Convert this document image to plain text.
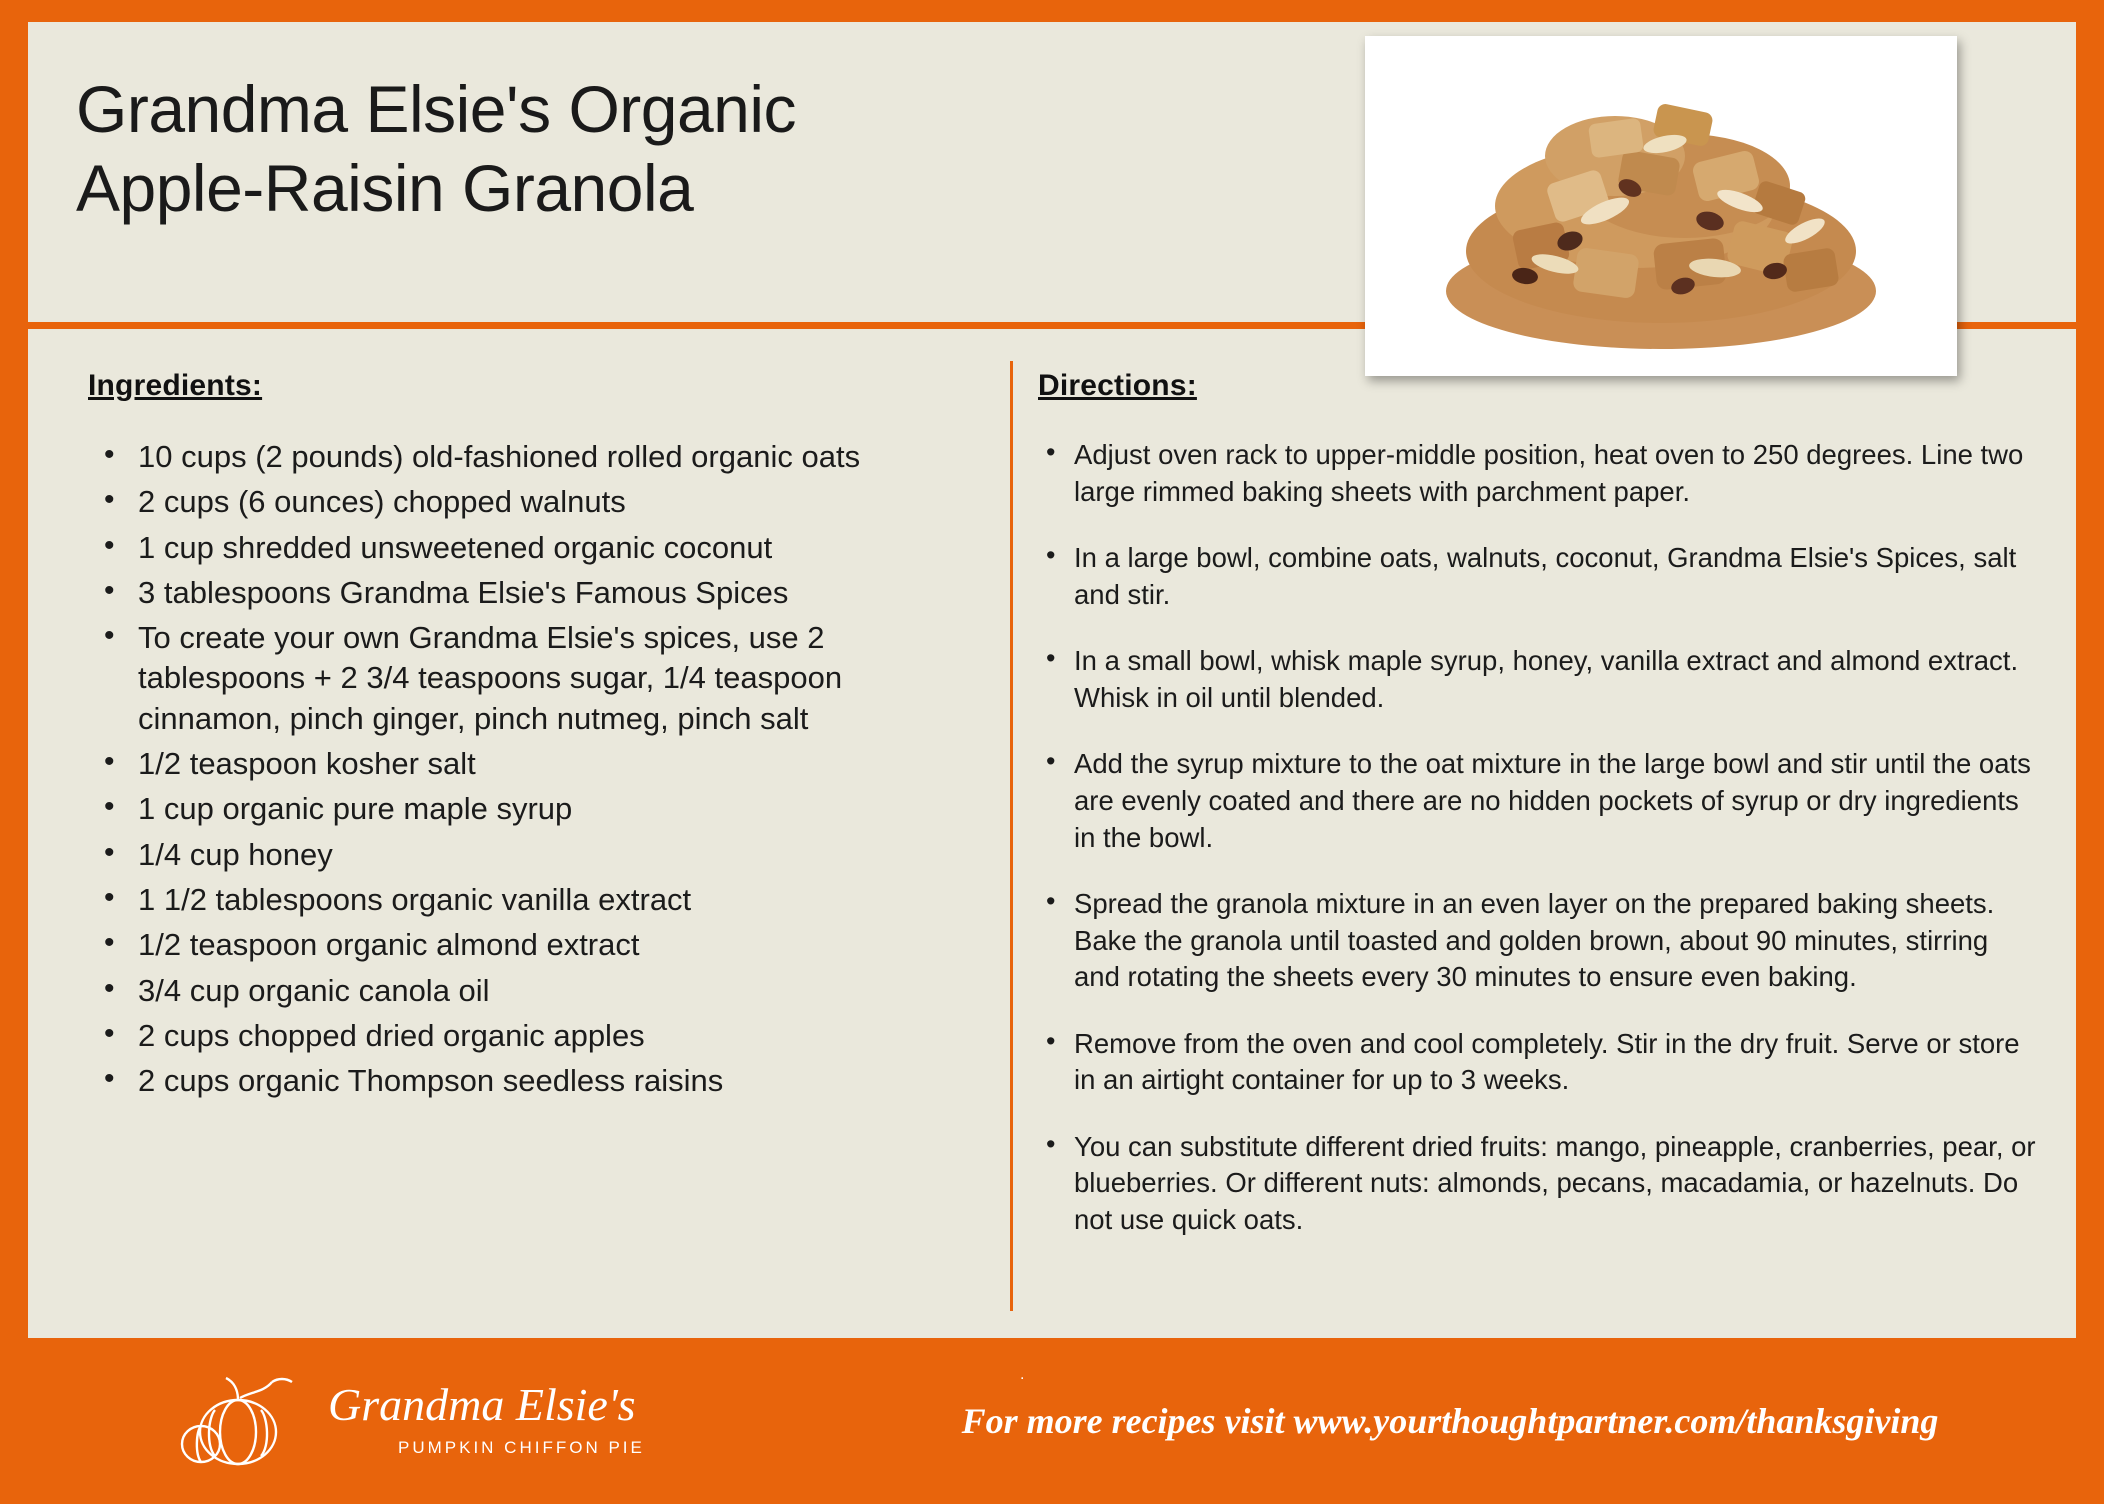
Grandma Elsie's Organic
Apple-Raisin Granola
Ingredients:
• 10 cups (2 pounds) old-fashioned rolled organic oats
• 2 cups (6 ounces) chopped walnuts
• 1 cup shredded unsweetened organic coconut
• 3 tablespoons Grandma Elsie's Famous Spices
• To create your own Grandma Elsie's spices, use 2 tablespoons + 2 3/4 teaspoons sugar, 1/4 teaspoon cinnamon, pinch ginger, pinch nutmeg, pinch salt
• 1/2 teaspoon kosher salt
• 1 cup organic pure maple syrup
• 1/4 cup honey
• 1 1/2 tablespoons organic vanilla extract
• 1/2 teaspoon organic almond extract
• 3/4 cup organic canola oil
• 2 cups chopped dried organic apples
• 2 cups organic Thompson seedless raisins
Directions:
• Adjust oven rack to upper-middle position, heat oven to 250 degrees. Line two large rimmed baking sheets with parchment paper.
• In a large bowl, combine oats, walnuts, coconut, Grandma Elsie's Spices, salt and stir.
• In a small bowl, whisk maple syrup, honey, vanilla extract and almond extract. Whisk in oil until blended.
• Add the syrup mixture to the oat mixture in the large bowl and stir until the oats are evenly coated and there are no hidden pockets of syrup or dry ingredients in the bowl.
• Spread the granola mixture in an even layer on the prepared baking sheets. Bake the granola until toasted and golden brown, about 90 minutes, stirring and rotating the sheets every 30 minutes to ensure even baking.
• Remove from the oven and cool completely. Stir in the dry fruit. Serve or store in an airtight container for up to 3 weeks.
• You can substitute different dried fruits: mango, pineapple, cranberries, pear, or blueberries. Or different nuts: almonds, pecans, macadamia, or hazelnuts. Do not use quick oats.
Grandma Elsie's
PUMPKIN CHIFFON PIE
.
For more recipes visit www.yourthoughtpartner.com/thanksgiving
